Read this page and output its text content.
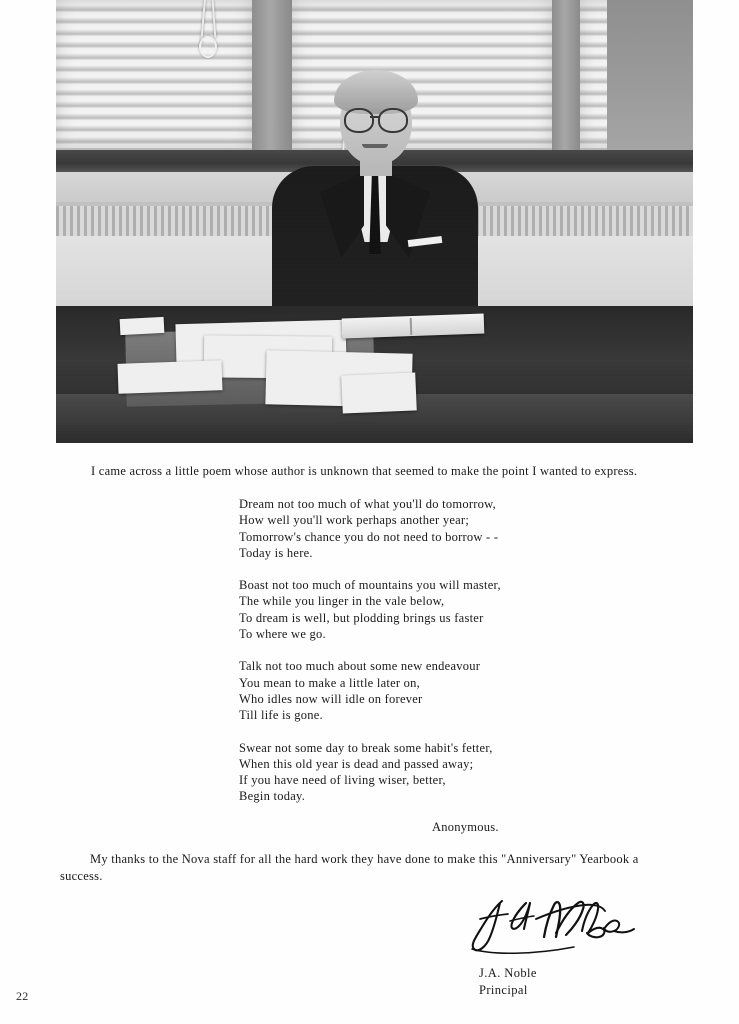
I came across a little poem whose author is unknown that seemed to make the point I wanted to express.
Dream not too much of what you'll do tomorrow,
How well you'll work perhaps another year;
Tomorrow's chance you do not need to borrow - -
Today is here.
Boast not too much of mountains you will master,
The while you linger in the vale below,
To dream is well, but plodding brings us faster
To where we go.
Talk not too much about some new endeavour
You mean to make a little later on,
Who idles now will idle on forever
Till life is gone.
Swear not some day to break some habit's fetter,
When this old year is dead and passed away;
If you have need of living wiser, better,
Begin today.
Anonymous.
My thanks to the Nova staff for all the hard work they have done to make this "Anniversary" Yearbook a success.
J.A. Noble
Principal
22
